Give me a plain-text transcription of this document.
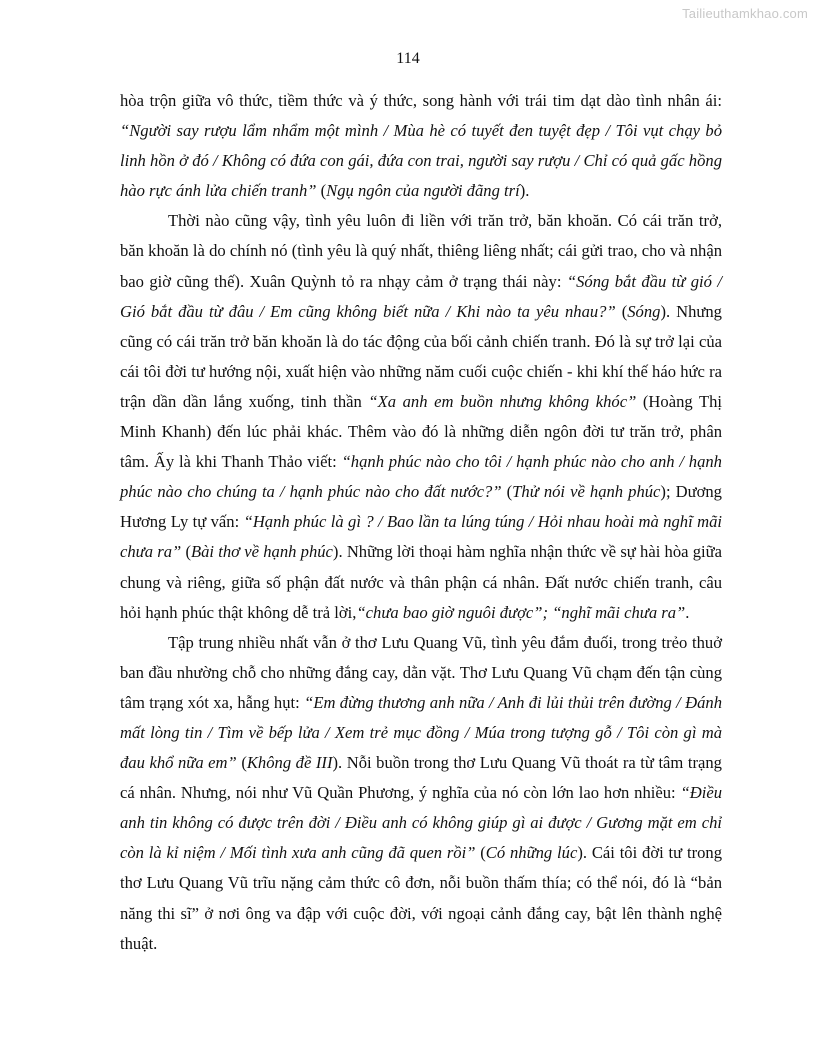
Tailieuthamkhao.com
114

hòa trộn giữa vô thức, tiềm thức và ý thức, song hành với trái tim dạt dào tình nhân ái: “Người say rượu lẩm nhẩm một mình / Mùa hè có tuyết đen tuyệt đẹp / Tôi vụt chạy bỏ linh hồn ở đó / Không có đứa con gái, đứa con trai, người say rượu / Chỉ có quả gấc hồng hào rực ánh lửa chiến tranh” (Ngụ ngôn của người đãng trí).

Thời nào cũng vậy, tình yêu luôn đi liền với trăn trở, băn khoăn. Có cái trăn trở, băn khoăn là do chính nó (tình yêu là quý nhất, thiêng liêng nhất; cái gửi trao, cho và nhận bao giờ cũng thế). Xuân Quỳnh tỏ ra nhạy cảm ở trạng thái này: “Sóng bắt đầu từ gió / Gió bắt đầu từ đâu / Em cũng không biết nữa / Khi nào ta yêu nhau?” (Sóng). Nhưng cũng có cái trăn trở băn khoăn là do tác động của bối cảnh chiến tranh. Đó là sự trở lại của cái tôi đời tư hướng nội, xuất hiện vào những năm cuối cuộc chiến - khi khí thế háo hức ra trận dần dần lắng xuống, tinh thần “Xa anh em buồn nhưng không khóc” (Hoàng Thị Minh Khanh) đến lúc phải khác. Thêm vào đó là những diễn ngôn đời tư trăn trở, phân tâm. Ấy là khi Thanh Thảo viết: “hạnh phúc nào cho tôi / hạnh phúc nào cho anh / hạnh phúc nào cho chúng ta / hạnh phúc nào cho đất nước?” (Thử nói về hạnh phúc); Dương Hương Ly tự vấn: “Hạnh phúc là gì ? / Bao lần ta lúng túng / Hỏi nhau hoài mà nghĩ mãi chưa ra” (Bài thơ về hạnh phúc). Những lời thoại hàm nghĩa nhận thức về sự hài hòa giữa chung và riêng, giữa số phận đất nước và thân phận cá nhân. Đất nước chiến tranh, câu hỏi hạnh phúc thật không dễ trả lời,“chưa bao giờ nguôi được”; “nghĩ mãi chưa ra”.

Tập trung nhiều nhất vẫn ở thơ Lưu Quang Vũ, tình yêu đắm đuối, trong trẻo thuở ban đầu nhường chỗ cho những đắng cay, dằn vặt. Thơ Lưu Quang Vũ chạm đến tận cùng tâm trạng xót xa, hẫng hụt: “Em đừng thương anh nữa / Anh đi lủi thủi trên đường / Đánh mất lòng tin / Tìm về bếp lửa / Xem trẻ mục đồng / Múa trong tượng gỗ / Tôi còn gì mà đau khổ nữa em” (Không đề III). Nỗi buồn trong thơ Lưu Quang Vũ thoát ra từ tâm trạng cá nhân. Nhưng, nói như Vũ Quần Phương, ý nghĩa của nó còn lớn lao hơn nhiều: “Điều anh tin không có được trên đời / Điều anh có không giúp gì ai được / Gương mặt em chỉ còn là kỉ niệm / Mối tình xưa anh cũng đã quen rồi” (Có những lúc). Cái tôi đời tư trong thơ Lưu Quang Vũ trĩu nặng cảm thức cô đơn, nỗi buồn thấm thía; có thể nói, đó là “bản năng thi sĩ” ở nơi ông va đập với cuộc đời, với ngoại cảnh đắng cay, bật lên thành nghệ thuật.
